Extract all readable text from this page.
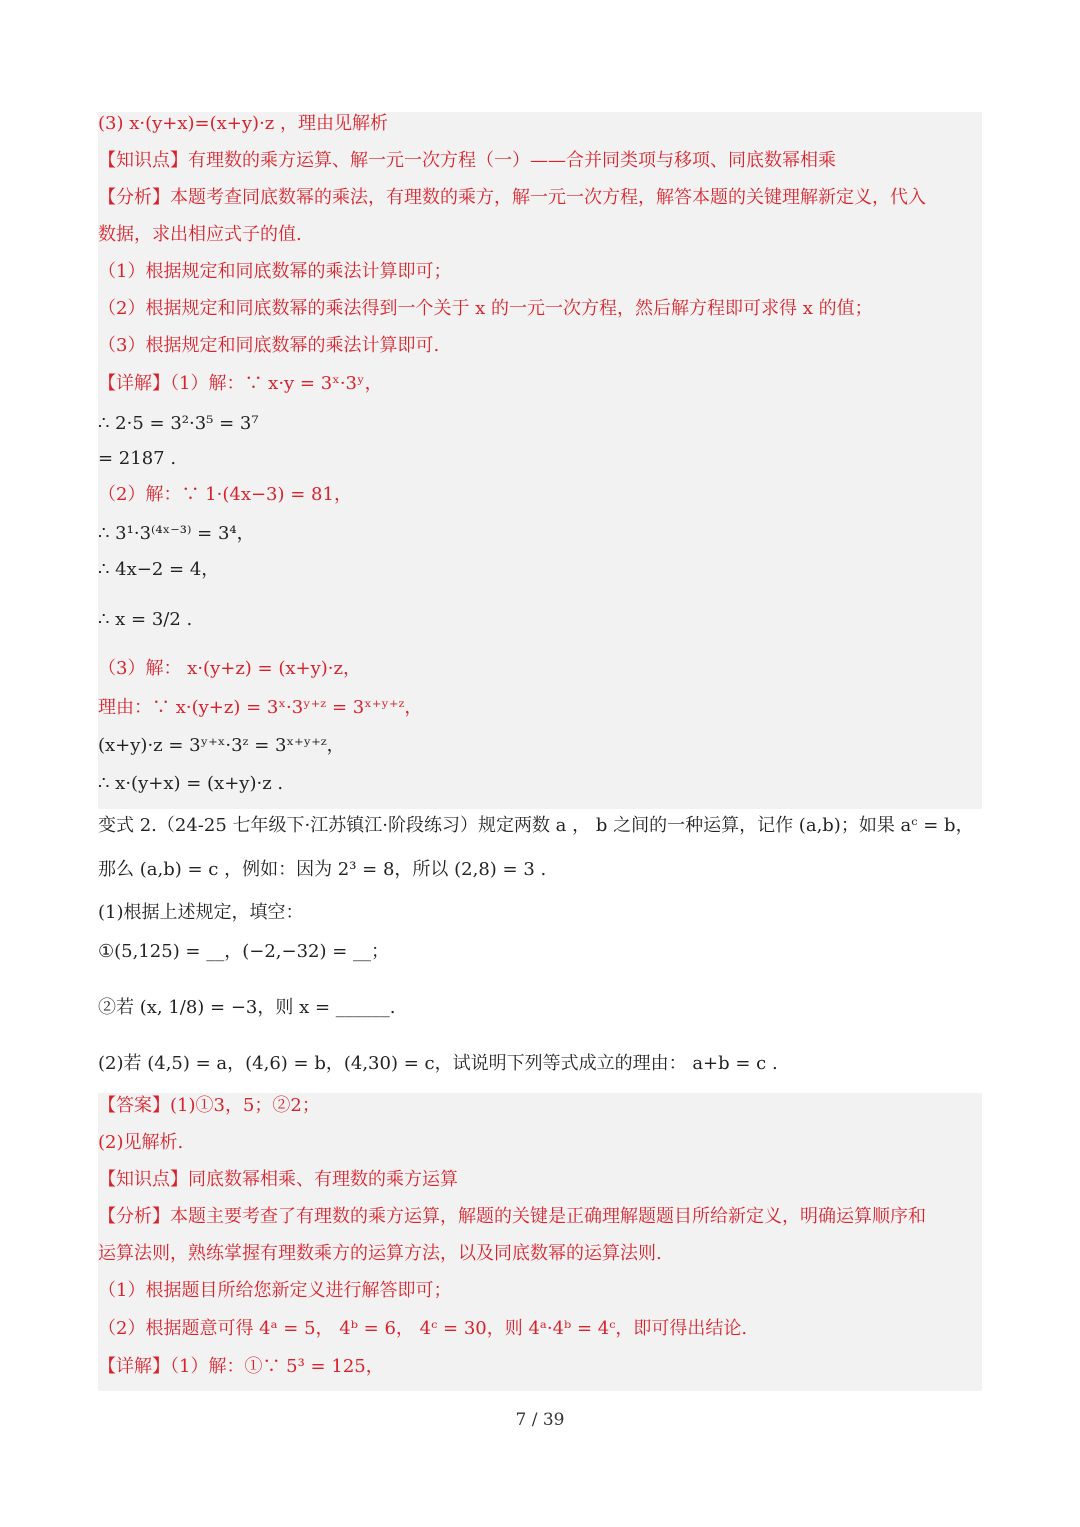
(3) x·(y+x)=(x+y)·z ，理由见解析
【知识点】有理数的乘方运算、解一元一次方程（一）——合并同类项与移项、同底数幂相乘
【分析】本题考查同底数幂的乘法，有理数的乘方，解一元一次方程，解答本题的关键理解新定义，代入
数据，求出相应式子的值.
（1）根据规定和同底数幂的乘法计算即可；
（2）根据规定和同底数幂的乘法得到一个关于 x 的一元一次方程，然后解方程即可求得 x 的值；
（3）根据规定和同底数幂的乘法计算即可.
【详解】（1）解：∵ x·y = 3ˣ·3ʸ，
∴ 2·5 = 3²·3⁵ = 3⁷
= 2187 .
（2）解：∵ 1·(4x−3) = 81，
∴ 3¹·3⁽⁴ˣ⁻³⁾ = 3⁴，
∴ 4x−2 = 4，
∴ x = 3/2 .
（3）解： x·(y+z) = (x+y)·z，
理由：∵ x·(y+z) = 3ˣ·3ʸ⁺ᶻ = 3ˣ⁺ʸ⁺ᶻ，
(x+y)·z = 3ʸ⁺ˣ·3ᶻ = 3ˣ⁺ʸ⁺ᶻ，
∴ x·(y+x) = (x+y)·z .
变式 2.（24-25 七年级下·江苏镇江·阶段练习）规定两数 a ， b 之间的一种运算，记作 (a,b)；如果 aᶜ = b，
那么 (a,b) = c ，例如：因为 2³ = 8，所以 (2,8) = 3 .
(1)根据上述规定，填空：
①(5,125) = __，(−2,−32) = __；
②若 (x, 1/8) = −3，则 x = ______.
(2)若 (4,5) = a，(4,6) = b，(4,30) = c，试说明下列等式成立的理由： a+b = c .
【答案】(1)①3，5；②2；
(2)见解析.
【知识点】同底数幂相乘、有理数的乘方运算
【分析】本题主要考查了有理数的乘方运算，解题的关键是正确理解题题目所给新定义，明确运算顺序和
运算法则，熟练掌握有理数乘方的运算方法，以及同底数幂的运算法则.
（1）根据题目所给您新定义进行解答即可；
（2）根据题意可得 4ᵃ = 5， 4ᵇ = 6， 4ᶜ = 30，则 4ᵃ·4ᵇ = 4ᶜ，即可得出结论.
【详解】（1）解：①∵ 5³ = 125，
7 / 39
